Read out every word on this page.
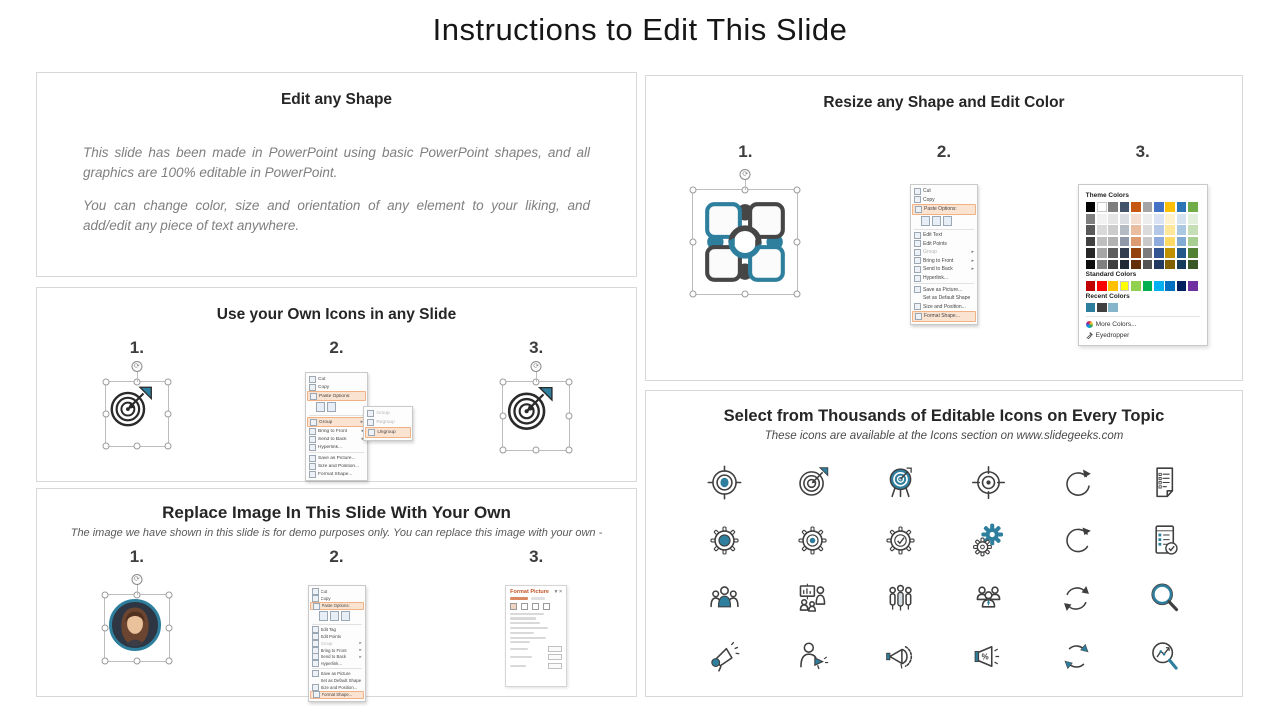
Instructions to Edit This Slide
Edit any Shape
This slide has been made in PowerPoint using basic PowerPoint shapes, and all graphics are 100% editable in PowerPoint.
You can change color, size and orientation of any element to your liking, and add/edit any piece of text anywhere.
Use your Own Icons in any Slide
1.
⟳
2.
Cut
Copy
Paste Options:
Group	▸
Bring to Front
Send to Back
Hyperlink...
Save as Picture...
Size and Position...
Format Shape...
Group
Regroup
Ungroup
3.
⟳
Replace Image In This Slide With Your Own
The image we have shown in this slide is for demo purposes only. You can replace this image with your own -
1.
⟳
2.
Cut
Copy
Paste Options:
Edit Tag
Edit Points
Group	▸
Bring to Front	▸
Send to Back	▸
Hyperlink...
Save as Picture
Set as Default Shape
Size and Position...
Format Shape...
3.
Format Picture ▾ ×
Resize any Shape and Edit Color
1.
⟳
2.
Cut
Copy
Paste Options:
Edit Text
Edit Points
Group	▸
Bring to Front	▸
Send to Back	▸
Hyperlink...
Save as Picture...
Set as Default Shape
Size and Position...
Format Shape...
3.
Theme Colors
Standard Colors
Recent Colors
More Colors...
Eyedropper
Select from Thousands of Editable Icons on Every Topic
These icons are available at the Icons section on www.slidegeeks.com
%
